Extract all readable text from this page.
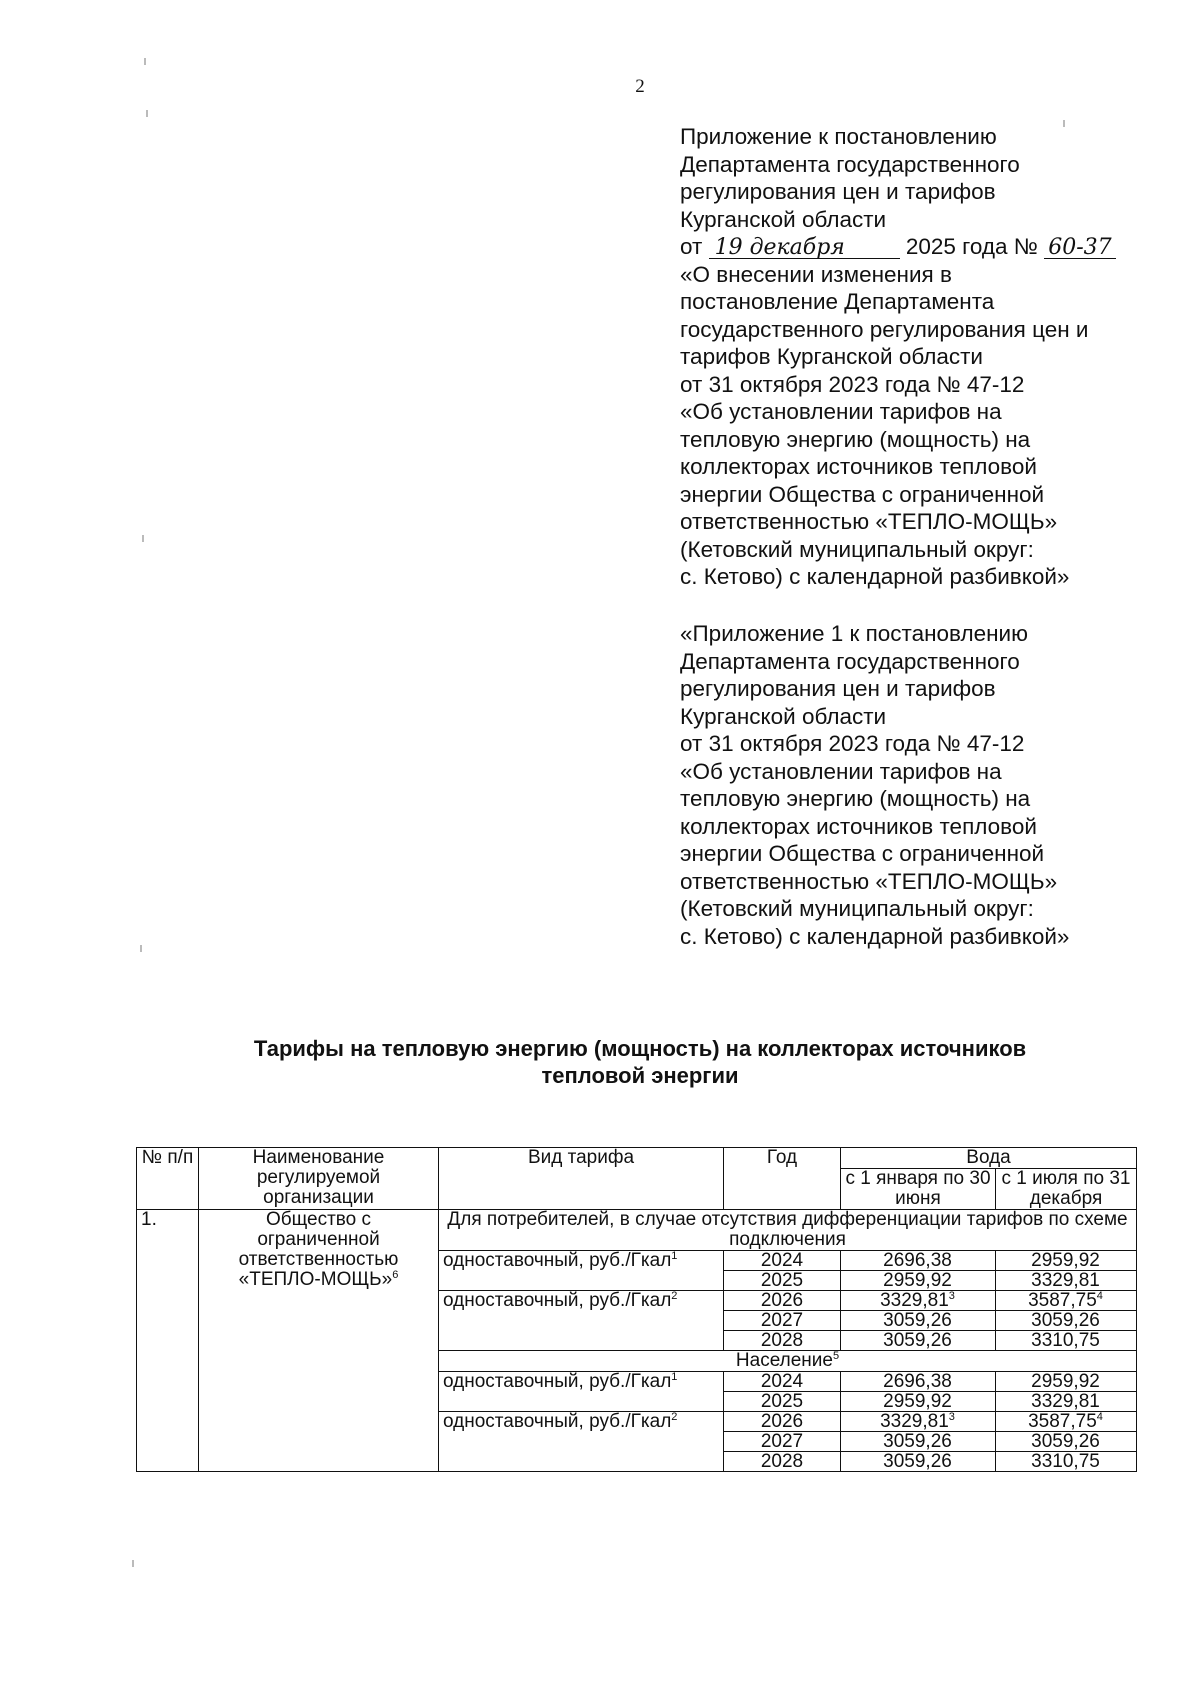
2
Приложение к постановлению
Департамента государственного
регулирования цен и тарифов
Курганской области
от 19 декабря	2025 года № 60-37
«О внесении изменения в
постановление Департамента
государственного регулирования цен и
тарифов Курганской области
от 31 октября 2023 года № 47-12
«Об установлении тарифов на
тепловую энергию (мощность) на
коллекторах источников тепловой
энергии Общества с ограниченной
ответственностью «ТЕПЛО-МОЩЬ»
(Кетовский муниципальный округ:
с. Кетово) с календарной разбивкой»
«Приложение 1 к постановлению
Департамента государственного
регулирования цен и тарифов
Курганской области
от 31 октября 2023 года № 47-12
«Об установлении тарифов на
тепловую энергию (мощность) на
коллекторах источников тепловой
энергии Общества с ограниченной
ответственностью «ТЕПЛО-МОЩЬ»
(Кетовский муниципальный округ:
с. Кетово) с календарной разбивкой»
Тарифы на тепловую энергию (мощность) на коллекторах источников
тепловой энергии
№ п/п	Наименование регулируемой организации	Вид тарифа	Год	Вода	
				с 1 января по 30 июня	с 1 июля по 31 декабря
1.	Общество с ограниченной ответственностью «ТЕПЛО-МОЩЬ»$^6$	Для потребителей, в случае отсутствия дифференциации тарифов по схеме подключения			
		одноставочный, руб./Гкал$^1$	2024	2696,38	2959,92
			2025	2959,92	3329,81
		одноставочный, руб./Гкал$^2$	2026	3329,81$^3$	3587,75$^4$
			2027	3059,26	3059,26
			2028	3059,26	3310,75
		Население$^5$
		одноставочный, руб./Гкал$^1$	2024	2696,38	2959,92
			2025	2959,92	3329,81
		одноставочный, руб./Гкал$^2$	2026	3329,81$^3$	3587,75$^4$
			2027	3059,26	3059,26
			2028	3059,26	3310,75
